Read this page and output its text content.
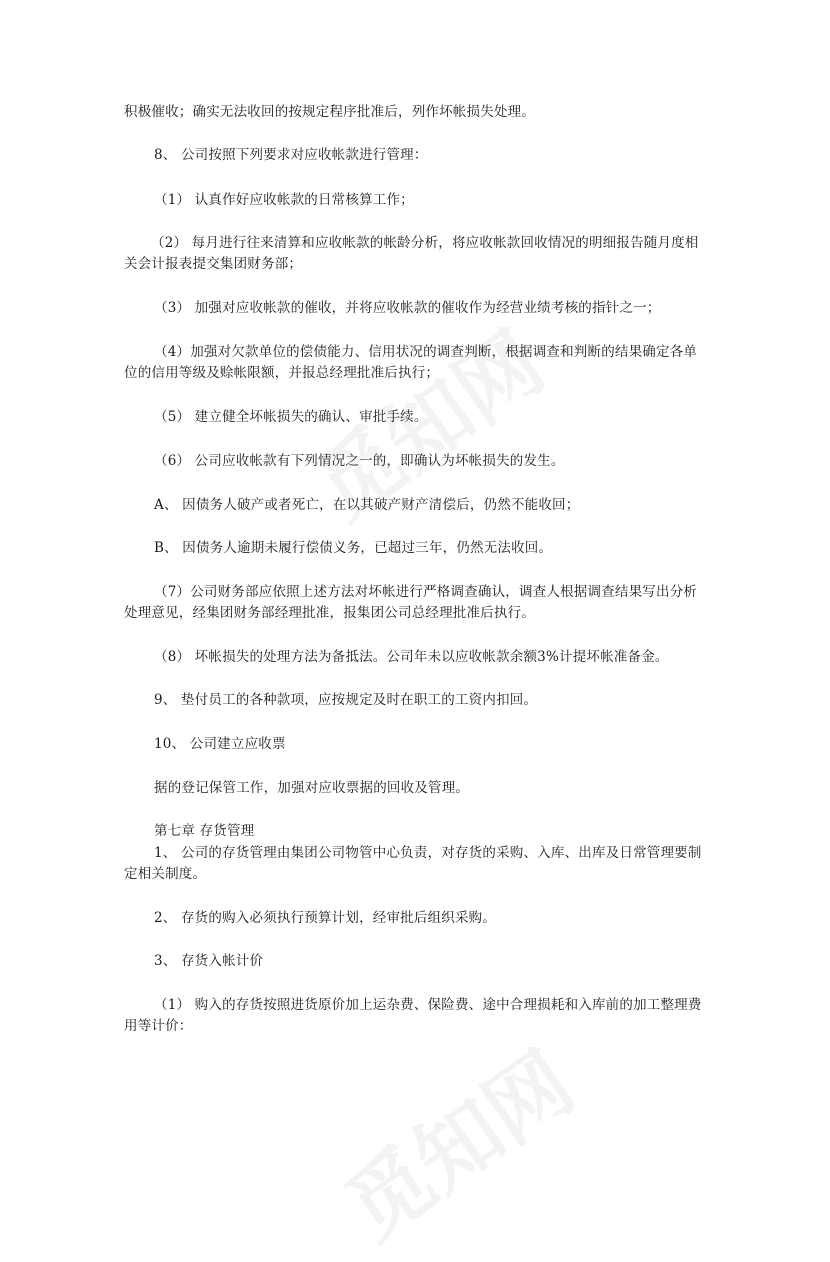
积极催收；确实无法收回的按规定程序批准后，列作坏帐损失处理。
8、 公司按照下列要求对应收帐款进行管理：
（1） 认真作好应收帐款的日常核算工作；
（2） 每月进行往来清算和应收帐款的帐龄分析，将应收帐款回收情况的明细报告随月度相
关会计报表提交集团财务部；
（3） 加强对应收帐款的催收，并将应收帐款的催收作为经营业绩考核的指针之一；
（4）加强对欠款单位的偿债能力、信用状况的调查判断，根据调查和判断的结果确定各单
位的信用等级及赊帐限额，并报总经理批准后执行；
（5） 建立健全坏帐损失的确认、审批手续。
（6） 公司应收帐款有下列情况之一的，即确认为坏帐损失的发生。
A、 因债务人破产或者死亡，在以其破产财产清偿后，仍然不能收回；
B、 因债务人逾期未履行偿债义务，已超过三年，仍然无法收回。
（7）公司财务部应依照上述方法对坏帐进行严格调查确认，调查人根据调查结果写出分析
处理意见，经集团财务部经理批准，报集团公司总经理批准后执行。
（8） 坏帐损失的处理方法为备抵法。公司年未以应收帐款余额3%计提坏帐准备金。
9、 垫付员工的各种款项，应按规定及时在职工的工资内扣回。
10、 公司建立应收票
据的登记保管工作，加强对应收票据的回收及管理。
第七章 存货管理
1、 公司的存货管理由集团公司物管中心负责，对存货的采购、入库、出库及日常管理要制
定相关制度。
2、 存货的购入必须执行预算计划，经审批后组织采购。
3、 存货入帐计价
（1） 购入的存货按照进货原价加上运杂费、保险费、途中合理损耗和入库前的加工整理费
用等计价：
